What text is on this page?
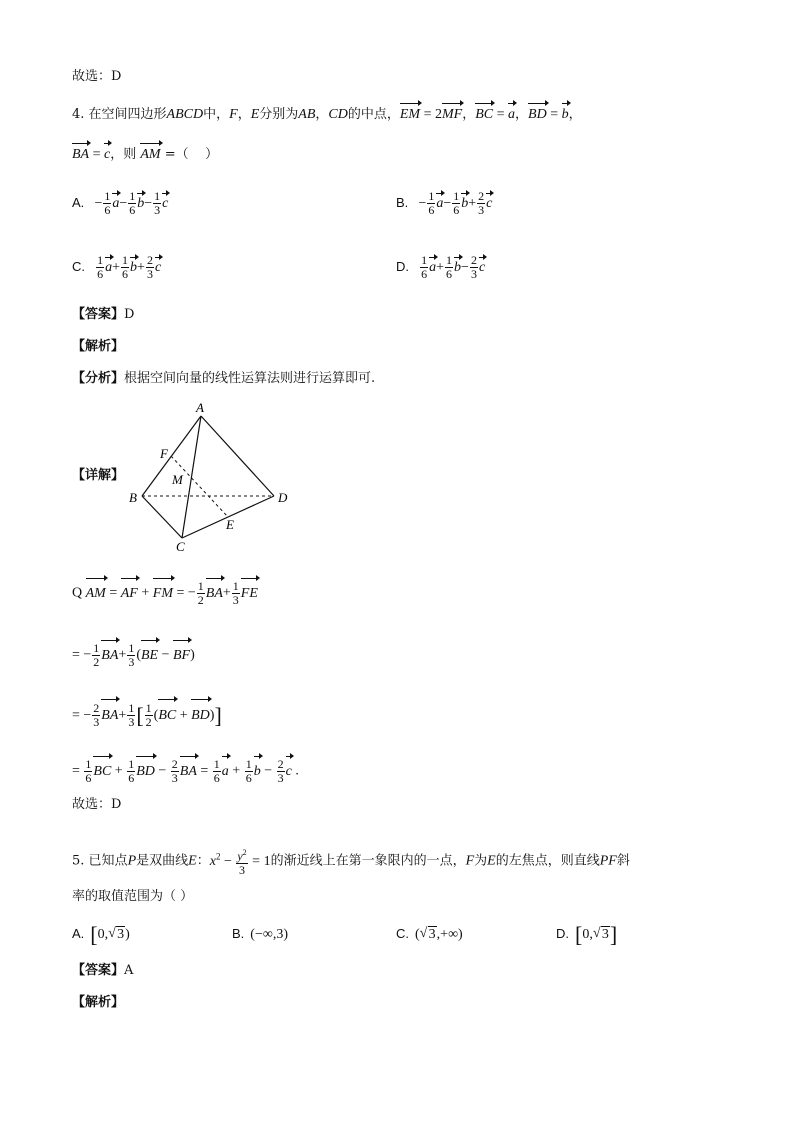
故选：D
4. 在空间四边形ABCD中，F，E分别为AB，CD的中点，EM = 2MF，BC = a，BD = b，
BA = c，则 AM =（    ）
A. − $\frac{1}{6} a- \frac{1}{6} b- \frac{1}{3}$ c	B. − $\frac{1}{6} a- \frac{1}{6} b+ \frac{2}{3}$ c
C. $\frac{1}{6} a+ \frac{1}{6} b+ \frac{2}{3}$ c	D. $\frac{1}{6} a+ \frac{1}{6} b- \frac{2}{3}$ c
【答案】D
【解析】
【分析】根据空间向量的线性运算法则进行运算即可.
【详解】
A
B
C
D
E
F
M
Q AM = AF + FM = − $\frac{1}{2} BA+ \frac{1}{3}$ FE
= − $\frac{1}{2} BA+ \frac{1}{3} (BE - BF)$
= − $\frac{2}{3} BA+ \frac{1}{3}$ [ $\frac{1}{2} (BC + BD)$]
= $\frac{1}{6}$ BC + $\frac{1}{6}$ BD − $\frac{2}{3}$ BA = $\frac{1}{6}$ $a + \frac{1}{6}$ $b - \frac{2}{3}$ c .
故选：D
5. 已知点P是双曲线E：$x^2 - \frac{y^2}{3} = 1$的渐近线上在第一象限内的一点，F为E的左焦点，则直线PF斜
率的取值范围为（ ）
A. [0, √ 3)	B. (−∞,3)	C. ( √ 3,+∞)	D. [0, √ 3]
【答案】A
【解析】
